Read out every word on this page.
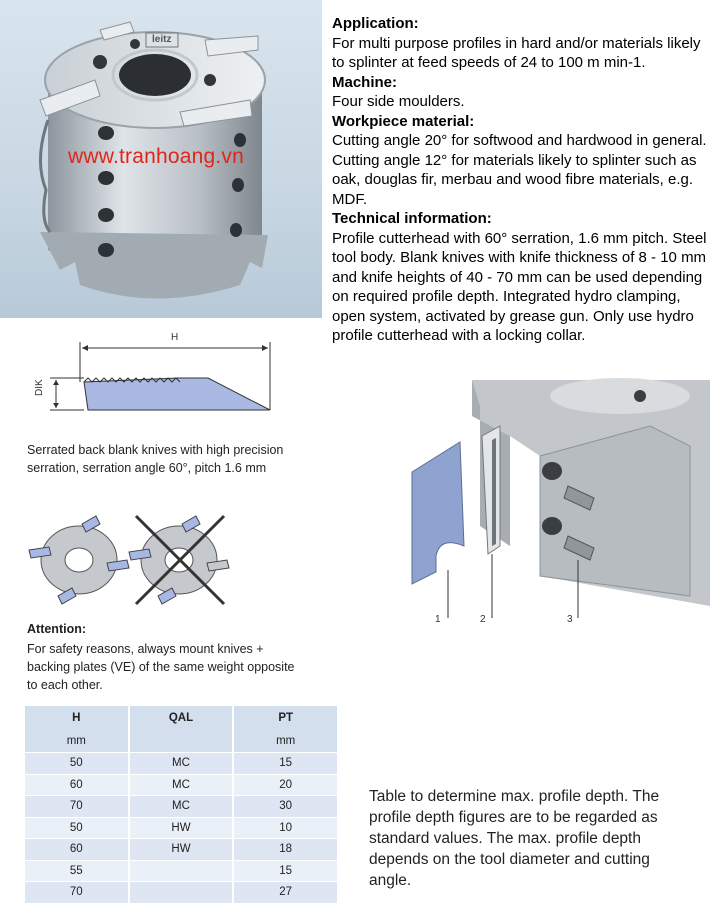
leitz
www.tranhoang.vn
Application:
For multi purpose profiles in hard and/or materials likely to splinter at feed speeds of 24 to 100 m min-1.
Machine:
Four side moulders.
Workpiece material:
Cutting angle 20° for softwood and hardwood in general.
Cutting angle 12° for materials likely to splinter such as oak, douglas fir, merbau and wood fibre materials, e.g. MDF.
Technical information:
Profile cutterhead with 60° serration, 1.6 mm pitch. Steel tool body. Blank knives with knife thickness of 8 - 10 mm and knife heights of 40 - 70 mm can be used depending on required profile depth. Integrated hydro clamping, open system, activated by grease gun. Only use hydro profile cutterhead with a locking collar.
H
DIK
Serrated back blank knives with high precision serration, serration angle 60°, pitch 1.6 mm
Attention:
For safety reasons, always mount knives + backing plates (VE) of the same weight opposite to each other.
1	2	3
H	QAL	PT
mm		mm
50	MC	15
60	MC	20
70	MC	30
50	HW	10
60	HW	18
55		15
70		27
Table to determine max. profile depth. The profile depth figures are to be regarded as standard values. The max. profile depth depends on the tool diameter and cutting angle.
